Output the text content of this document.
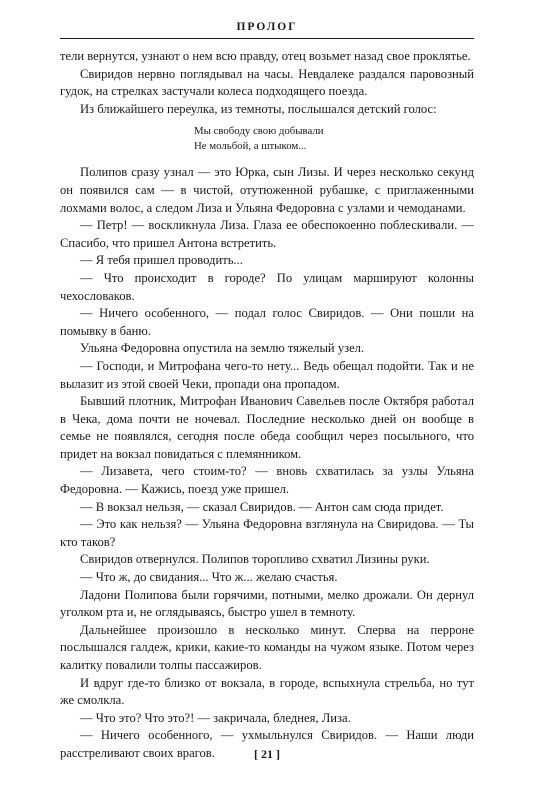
ПРОЛОГ

тели вернутся, узнают о нем всю правду, отец возьмет назад свое проклятье.

Свиридов нервно поглядывал на часы. Невдалеке раздался паровозный гудок, на стрелках застучали колеса подходящего поезда.

Из ближайшего переулка, из темноты, послышался детский голос:

Мы свободу свою добывали
Не мольбой, а штыком...

Полипов сразу узнал — это Юрка, сын Лизы. И через несколько секунд он появился сам — в чистой, отутюженной рубашке, с приглаженными лохмами волос, а следом Лиза и Ульяна Федоровна с узлами и чемоданами.

— Петр! — воскликнула Лиза. Глаза ее обеспокоенно поблескивали. — Спасибо, что пришел Антона встретить.

— Я тебя пришел проводить...

— Что происходит в городе? По улицам маршируют колонны чехословаков.

— Ничего особенного, — подал голос Свиридов. — Они пошли на помывку в баню.

Ульяна Федоровна опустила на землю тяжелый узел.

— Господи, и Митрофана чего-то нету... Ведь обещал подойти. Так и не вылазит из этой своей Чеки, пропади она пропадом.

Бывший плотник, Митрофан Иванович Савельев после Октября работал в Чека, дома почти не ночевал. Последние несколько дней он вообще в семье не появлялся, сегодня после обеда сообщил через посыльного, что придет на вокзал повидаться с племянником.

— Лизавета, чего стоим-то? — вновь схватилась за узлы Ульяна Федоровна. — Кажись, поезд уже пришел.

— В вокзал нельзя, — сказал Свиридов. — Антон сам сюда придет.

— Это как нельзя? — Ульяна Федоровна взглянула на Свиридова. — Ты кто таков?

Свиридов отвернулся. Полипов торопливо схватил Лизины руки.

— Что ж, до свидания... Что ж... желаю счастья.

Ладони Полипова были горячими, потными, мелко дрожали. Он дернул уголком рта и, не оглядываясь, быстро ушел в темноту.

Дальнейшее произошло в несколько минут. Сперва на перроне послышался галдеж, крики, какие-то команды на чужом языке. Потом через калитку повалили толпы пассажиров.

И вдруг где-то близко от вокзала, в городе, вспыхнула стрельба, но тут же смолкла.

— Что это? Что это?! — закричала, бледнея, Лиза.

— Ничего особенного, — ухмыльнулся Свиридов. — Наши люди расстреливают своих врагов.	[ 21 ]
